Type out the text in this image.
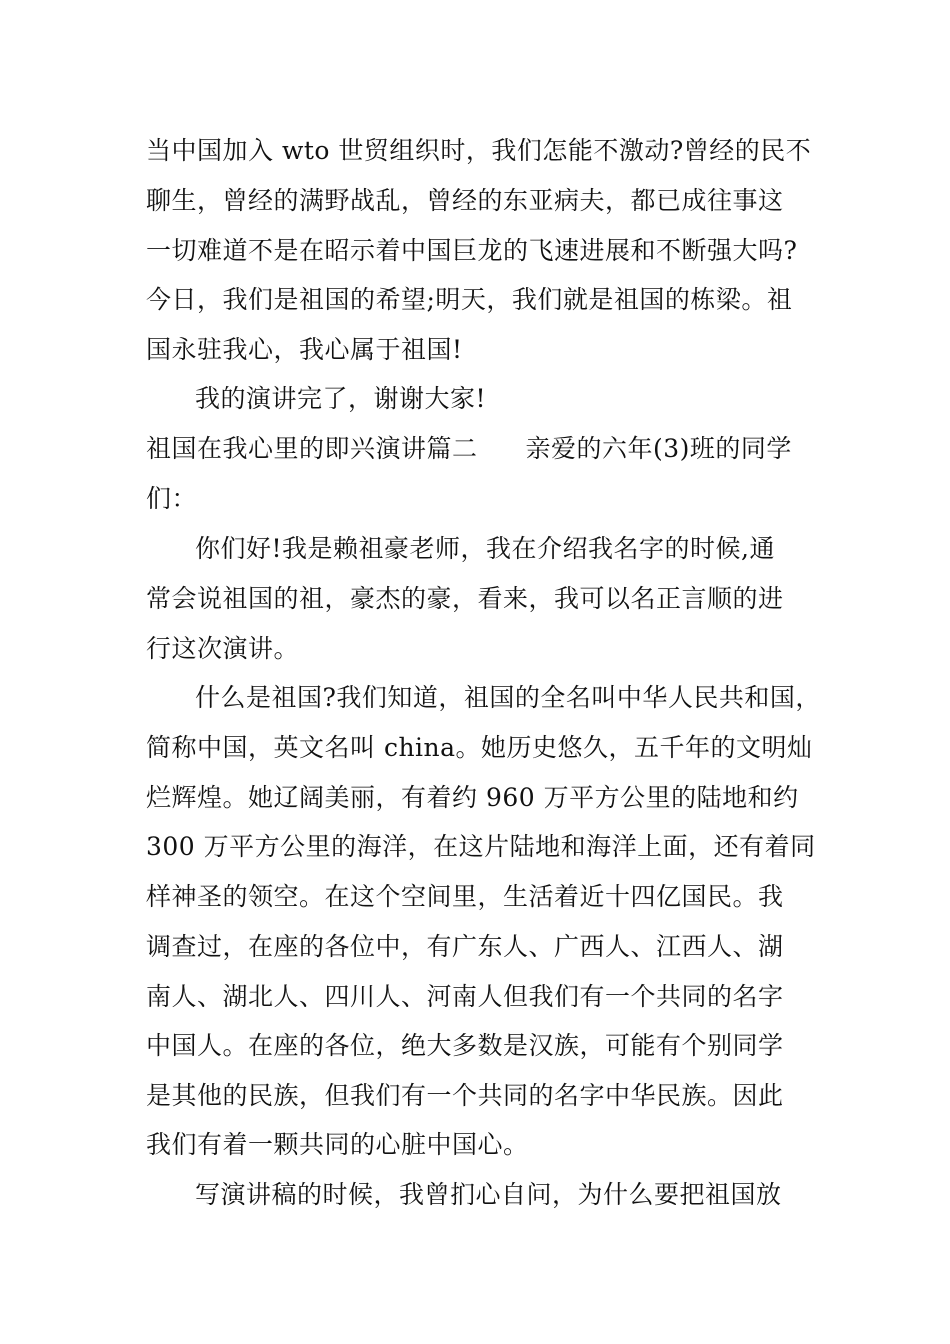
当中国加入 wto 世贸组织时，我们怎能不激动?曾经的民不
聊生，曾经的满野战乱，曾经的东亚病夫，都已成往事这
一切难道不是在昭示着中国巨龙的飞速进展和不断强大吗?
今日，我们是祖国的希望;明天，我们就是祖国的栋梁。祖
国永驻我心，我心属于祖国!
我的演讲完了，谢谢大家!
祖国在我心里的即兴演讲篇二 亲爱的六年(3)班的同学
们：
你们好!我是赖祖豪老师，我在介绍我名字的时候,通
常会说祖国的祖，豪杰的豪，看来，我可以名正言顺的进
行这次演讲。
什么是祖国?我们知道，祖国的全名叫中华人民共和国，
简称中国，英文名叫 china。她历史悠久，五千年的文明灿
烂辉煌。她辽阔美丽，有着约 960 万平方公里的陆地和约
300 万平方公里的海洋，在这片陆地和海洋上面，还有着同
样神圣的领空。在这个空间里，生活着近十四亿国民。我
调查过，在座的各位中，有广东人、广西人、江西人、湖
南人、湖北人、四川人、河南人但我们有一个共同的名字
中国人。在座的各位，绝大多数是汉族，可能有个别同学
是其他的民族，但我们有一个共同的名字中华民族。因此
我们有着一颗共同的心脏中国心。
写演讲稿的时候，我曾扪心自问，为什么要把祖国放
